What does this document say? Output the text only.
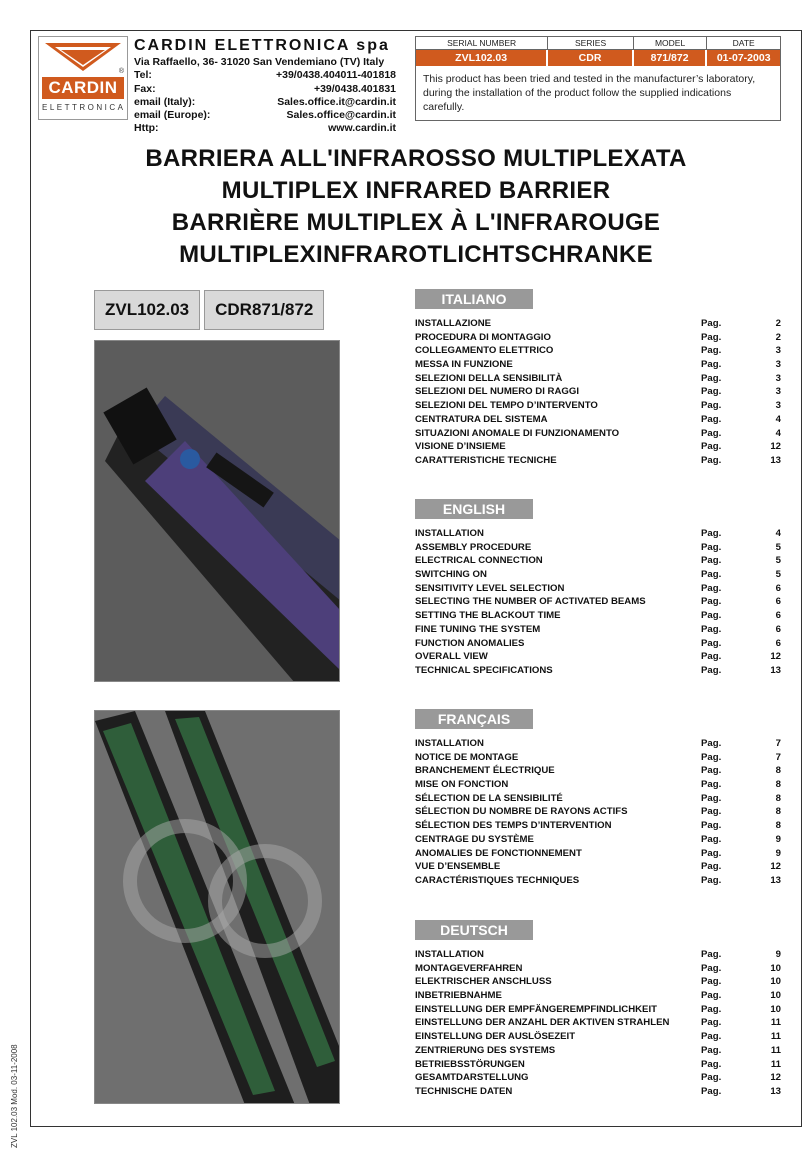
®
CARDIN
ELETTRONICA
CARDIN ELETTRONICA spa
Via Raffaello, 36- 31020 San Vendemiano (TV) Italy
Tel:	+39/0438.404011-401818
Fax:	+39/0438.401831
email (Italy):	Sales.office.it@cardin.it
email (Europe):	Sales.office@cardin.it
Http:	www.cardin.it
SERIAL NUMBER	SERIES	MODEL	DATE
ZVL102.03	CDR	871/872	01-07-2003
This product has been tried and tested in the manufacturer’s laboratory, during the installation of the product follow the supplied indications carefully.
BARRIERA ALL'INFRAROSSO MULTIPLEXATA
MULTIPLEX INFRARED BARRIER
BARRIÈRE MULTIPLEX À L'INFRAROUGE
MULTIPLEXINFRAROTLICHTSCHRANKE
ZVL102.03	CDR871/872
ZVL 102.03 Mod. 03-11-2008
ITALIANO
INSTALLAZIONE	Pag.	2
PROCEDURA DI MONTAGGIO	Pag.	2
COLLEGAMENTO ELETTRICO	Pag.	3
MESSA IN FUNZIONE	Pag.	3
SELEZIONI DELLA SENSIBILITÀ	Pag.	3
SELEZIONI DEL NUMERO DI RAGGI	Pag.	3
SELEZIONI DEL TEMPO D’INTERVENTO	Pag.	3
CENTRATURA DEL SISTEMA	Pag.	4
SITUAZIONI ANOMALE DI FUNZIONAMENTO	Pag.	4
VISIONE D’INSIEME	Pag.	12
CARATTERISTICHE TECNICHE	Pag.	13
ENGLISH
INSTALLATION	Pag.	4
ASSEMBLY PROCEDURE	Pag.	5
ELECTRICAL CONNECTION	Pag.	5
SWITCHING ON	Pag.	5
SENSITIVITY LEVEL SELECTION	Pag.	6
SELECTING THE NUMBER OF ACTIVATED BEAMS	Pag.	6
SETTING THE BLACKOUT TIME	Pag.	6
FINE TUNING THE SYSTEM	Pag.	6
FUNCTION ANOMALIES	Pag.	6
OVERALL VIEW	Pag.	12
TECHNICAL SPECIFICATIONS	Pag.	13
FRANÇAIS
INSTALLATION	Pag.	7
NOTICE DE MONTAGE	Pag.	7
BRANCHEMENT ÉLECTRIQUE	Pag.	8
MISE ON FONCTION	Pag.	8
SÉLECTION DE LA SENSIBILITÉ	Pag.	8
SÉLECTION DU NOMBRE DE RAYONS ACTIFS	Pag.	8
SÉLECTION DES TEMPS D’INTERVENTION	Pag.	8
CENTRAGE DU SYSTÈME	Pag.	9
ANOMALIES DE FONCTIONNEMENT	Pag.	9
VUE D’ENSEMBLE	Pag.	12
CARACTÉRISTIQUES TECHNIQUES	Pag.	13
DEUTSCH
INSTALLATION	Pag.	9
MONTAGEVERFAHREN	Pag.	10
ELEKTRISCHER ANSCHLUSS	Pag.	10
INBETRIEBNAHME	Pag.	10
EINSTELLUNG DER EMPFÄNGEREMPFINDLICHKEIT	Pag.	10
EINSTELLUNG DER ANZAHL DER AKTIVEN STRAHLEN	Pag.	11
EINSTELLUNG DER AUSLÖSEZEIT	Pag.	11
ZENTRIERUNG DES SYSTEMS	Pag.	11
BETRIEBSSTÖRUNGEN	Pag.	11
GESAMTDARSTELLUNG	Pag.	12
TECHNISCHE DATEN	Pag.	13
